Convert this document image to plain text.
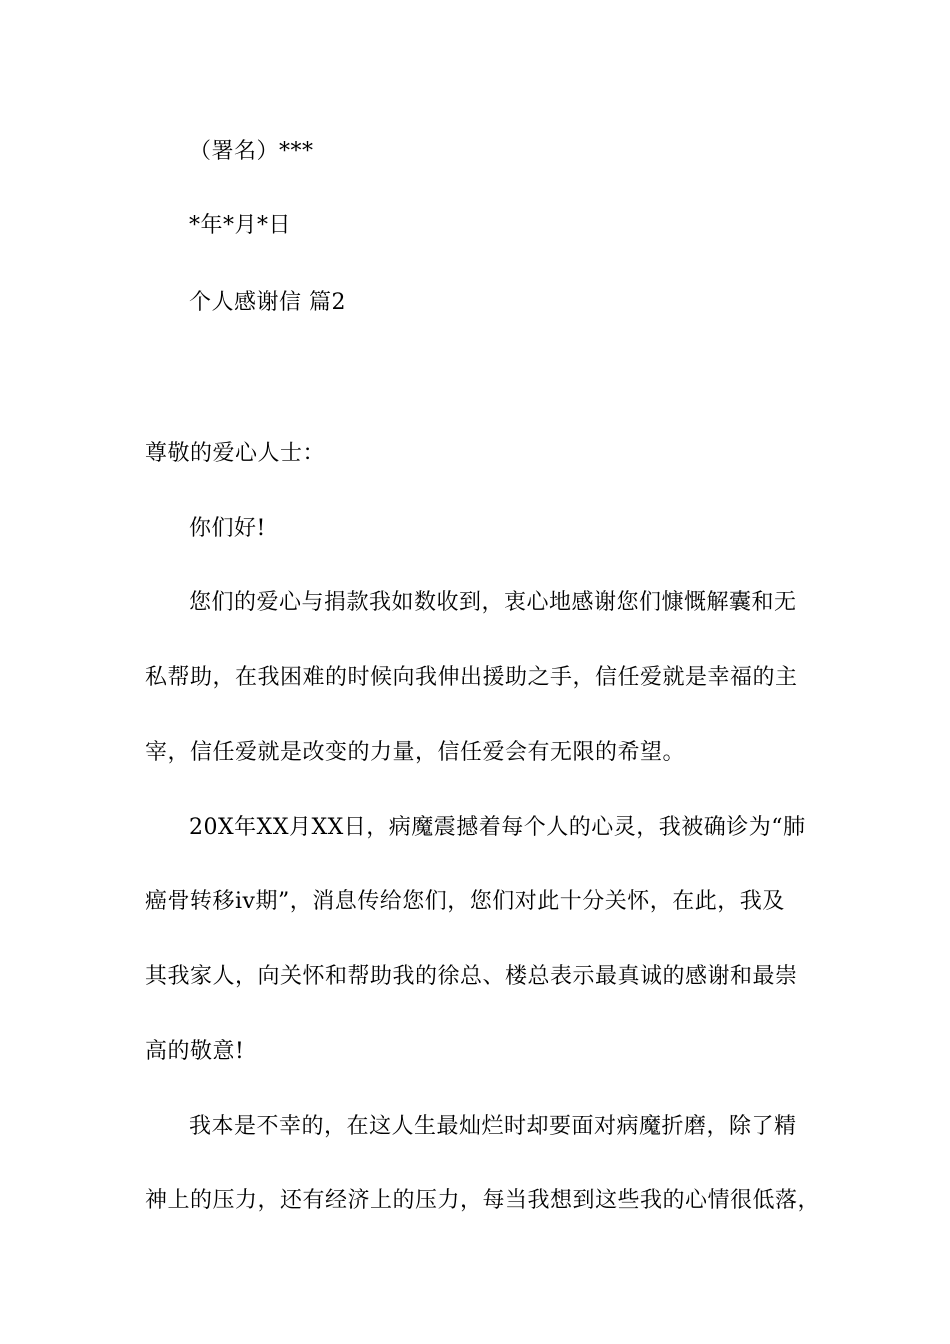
（署名）***
*年*月*日
个人感谢信 篇2
尊敬的爱心人士：
你们好!
您们的爱心与捐款我如数收到，衷心地感谢您们慷慨解囊和无
私帮助，在我困难的时候向我伸出援助之手，信任爱就是幸福的主
宰，信任爱就是改变的力量，信任爱会有无限的希望。
20X年XX月XX日，病魔震撼着每个人的心灵，我被确诊为“肺
癌骨转移iv期”，消息传给您们，您们对此十分关怀，在此，我及
其我家人，向关怀和帮助我的徐总、楼总表示最真诚的感谢和最崇
高的敬意!
我本是不幸的，在这人生最灿烂时却要面对病魔折磨，除了精
神上的压力，还有经济上的压力，每当我想到这些我的心情很低落，
